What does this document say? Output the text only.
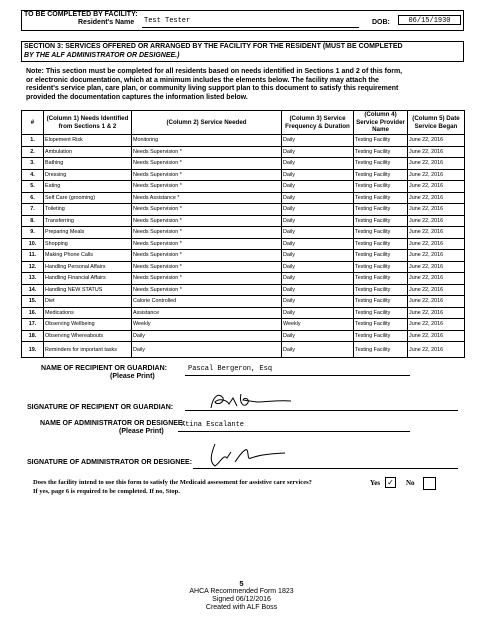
TO BE COMPLETED BY FACILITY:
Resident's Name Test Tester	DOB:	06/15/1930
SECTION 3: SERVICES OFFERED OR ARRANGED BY THE FACILITY FOR THE RESIDENT (MUST BE COMPLETED
BY THE ALF ADMINISTRATOR OR DESIGNEE.)
Note: This section must be completed for all residents based on needs identified in Sections 1 and 2 of this form,
or electronic documentation, which at a minimum includes the elements below. The facility may attach the
resident's service plan, care plan, or community living support plan to this document to satisfy this requirement
provided the documentation captures the information listed below.
#	(Column 1) Needs Identified from Sections 1 & 2	(Column 2) Service Needed	(Column 3) Service Frequency & Duration	(Column 4) Service Provider Name	(Column 5) Date Service Began
1.	Elopement Risk	Monitoring	Daily	Testing Facility	June 22, 2016
2.	Ambulation	Needs Supervision *	Daily	Testing Facility	June 22, 2016
3.	Bathing	Needs Supervision *	Daily	Testing Facility	June 22, 2016
4.	Dressing	Needs Supervision *	Daily	Testing Facility	June 22, 2016
5.	Eating	Needs Supervision *	Daily	Testing Facility	June 22, 2016
6.	Self Care (grooming)	Needs Assistance *	Daily	Testing Facility	June 22, 2016
7.	Toileting	Needs Supervision *	Daily	Testing Facility	June 22, 2016
8.	Transferring	Needs Supervision *	Daily	Testing Facility	June 22, 2016
9.	Preparing Meals	Needs Supervision *	Daily	Testing Facility	June 22, 2016
10.	Shopping	Needs Supervision *	Daily	Testing Facility	June 22, 2016
11.	Making Phone Calls	Needs Supervision *	Daily	Testing Facility	June 22, 2016
12.	Handling Personal Affairs	Needs Supervision *	Daily	Testing Facility	June 22, 2016
13.	Handling Financial Affairs	Needs Supervision *	Daily	Testing Facility	June 22, 2016
14.	Handling NEW STATUS	Needs Supervision *	Daily	Testing Facility	June 22, 2016
15.	Diet	Calorie Controlled	Daily	Testing Facility	June 22, 2016
16.	Medications	Assistance	Daily	Testing Facility	June 22, 2016
17.	Observing Wellbeing	Weekly	Weekly	Testing Facility	June 22, 2016
18.	Observing Whereabouts	Daily	Daily	Testing Facility	June 22, 2016
19.	Reminders for important tasks	Daily	Daily	Testing Facility	June 22, 2016
NAME OF RECIPIENT OR GUARDIAN:
(Please Print)
Pascal Bergeron, Esq
SIGNATURE OF RECIPIENT OR GUARDIAN:
NAME OF ADMINISTRATOR OR DESIGNEE:
(Please Print)
Xtina Escalante
SIGNATURE OF ADMINISTRATOR OR DESIGNEE:
Does the facility intend to use this form to satisfy the Medicaid assessment for assistive care services?
If yes, page 6 is required to be completed. If no, Stop.
Yes ✓	No
5
AHCA Recommended Form 1823
Signed 06/12/2016
Created with ALF Boss
